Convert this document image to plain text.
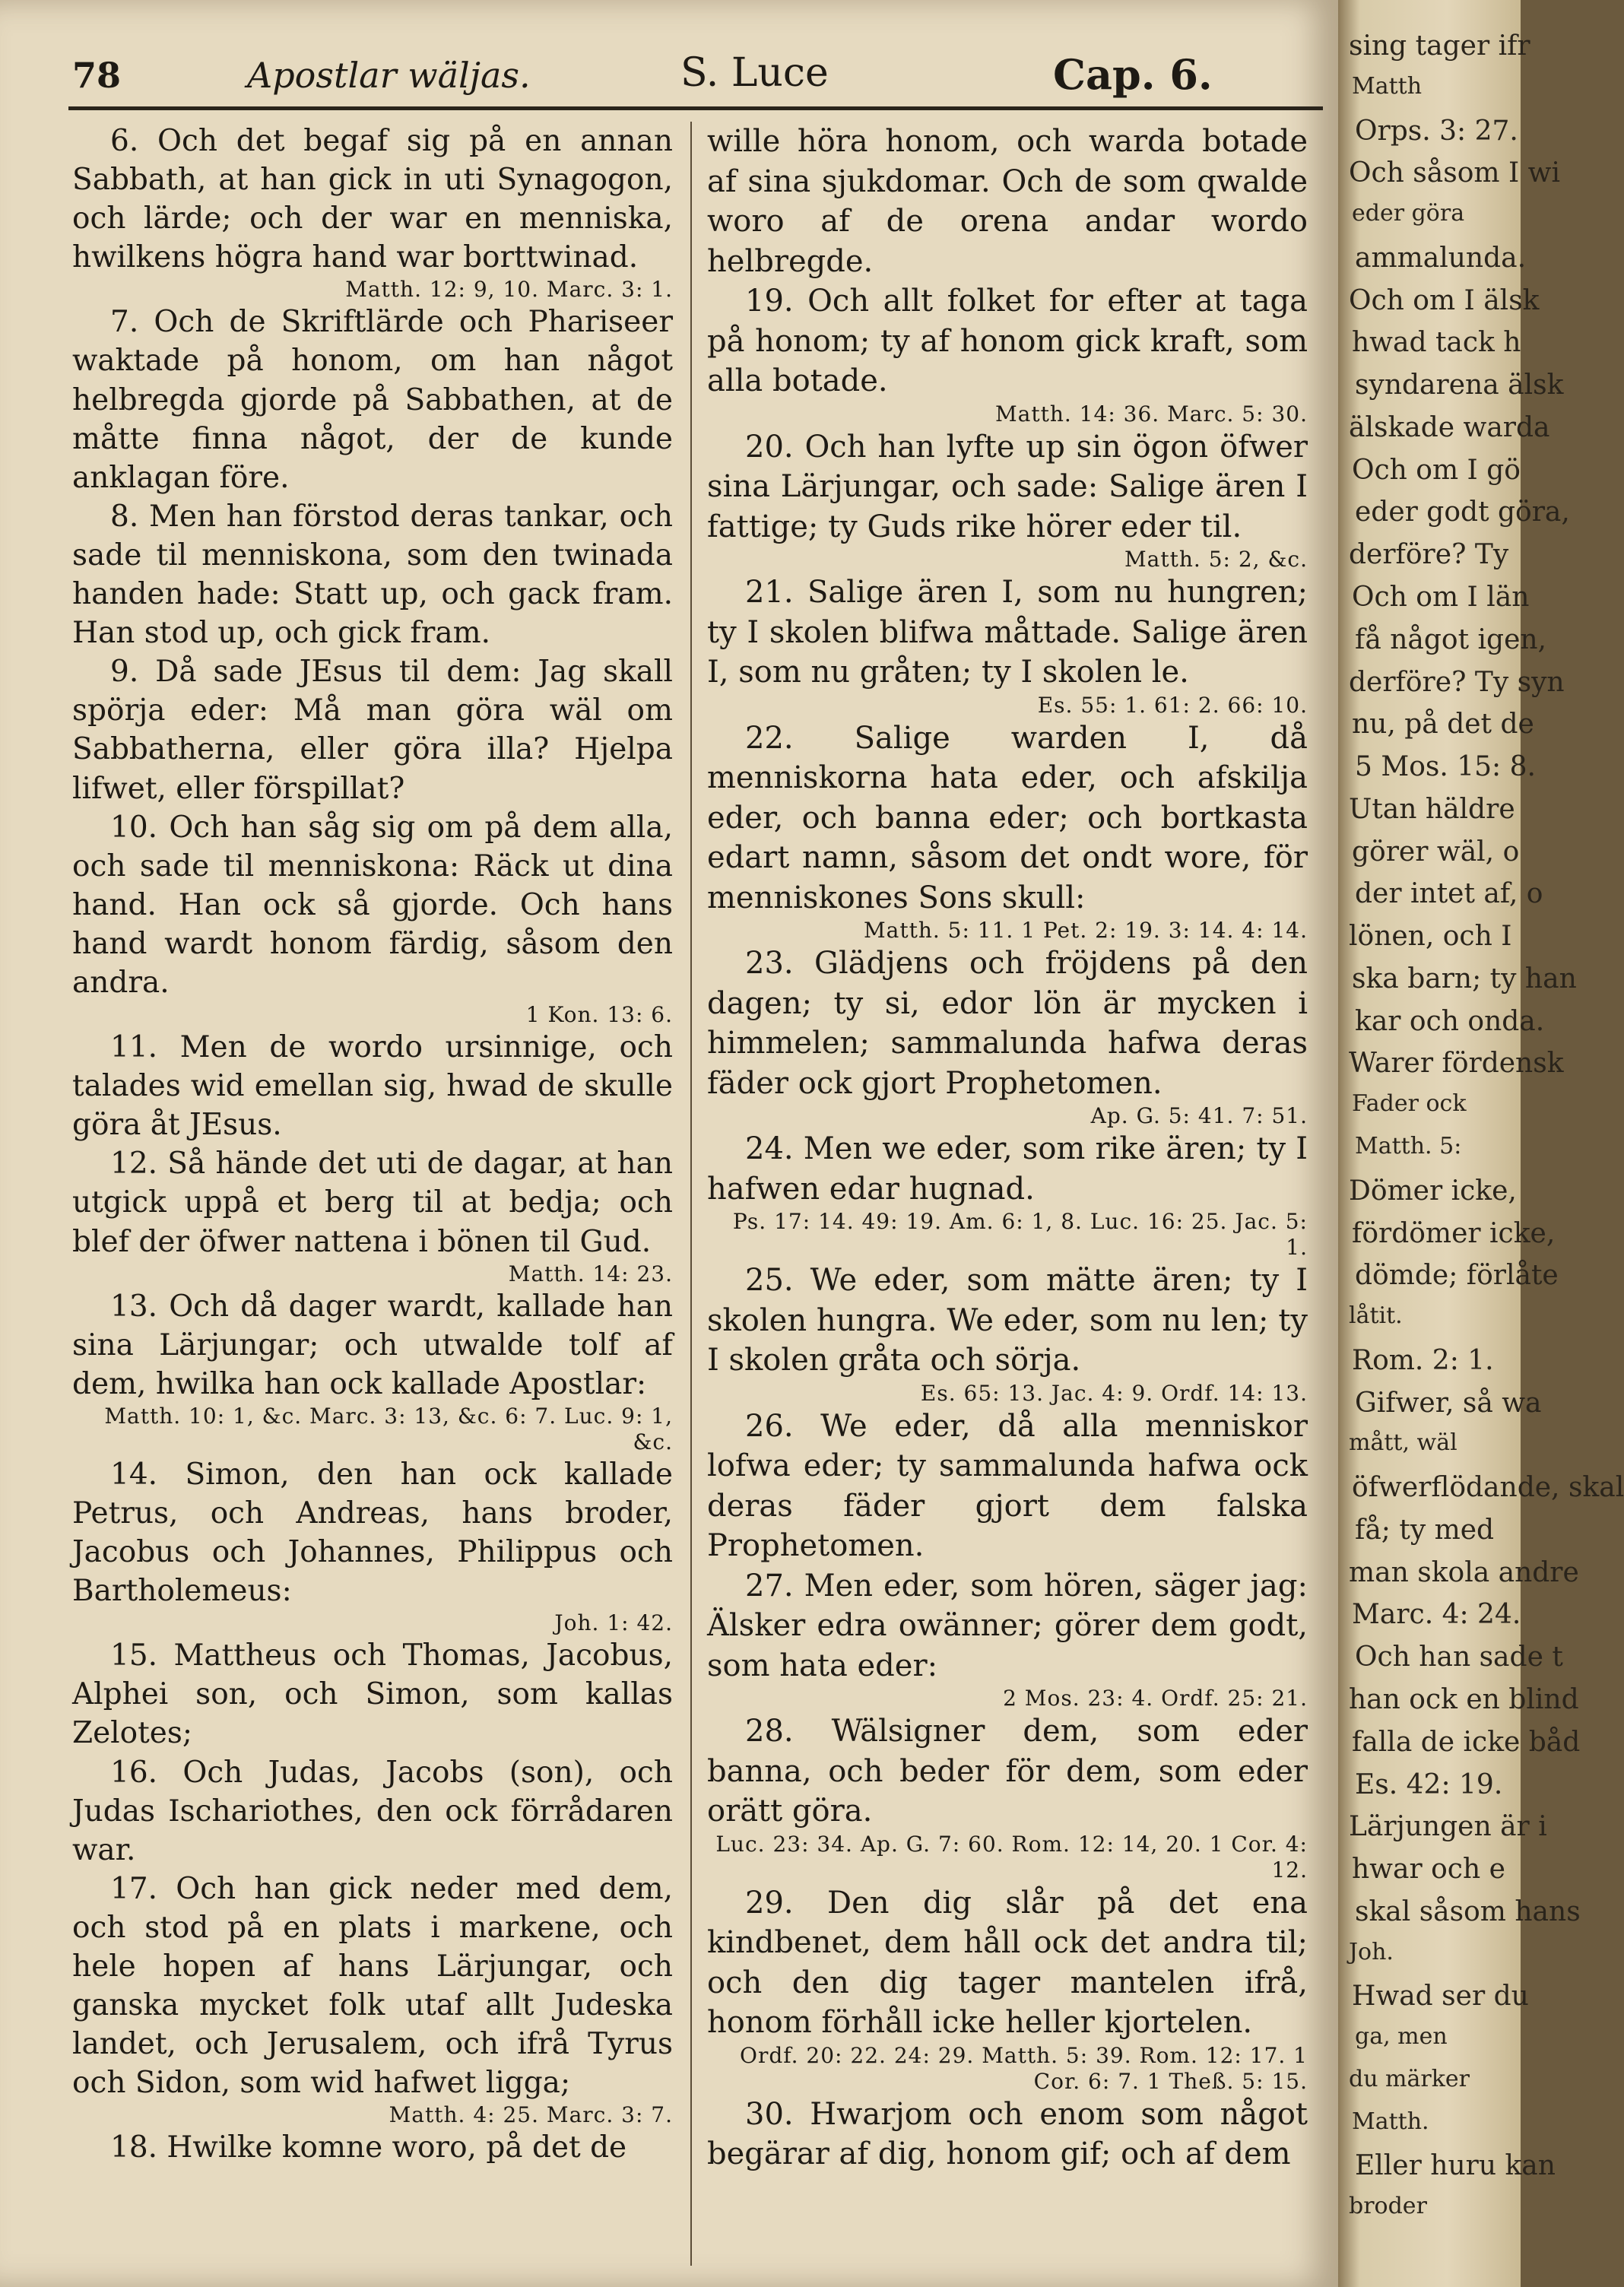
78	Apostlar wäljas.	S. Luce	Cap. 6.

6. Och det begaf sig på en annan Sabbath, at han gick in uti Synagogon, och lärde; och der war en menniska, hwilkens högra hand war borttwinad.

Matth. 12: 9, 10. Marc. 3: 1.

7. Och de Skriftlärde och Phariseer waktade på honom, om han något helbregda gjorde på Sabbathen, at de måtte finna något, der de kunde anklagan före.

8. Men han förstod deras tankar, och sade til menniskona, som den twinada handen hade: Statt up, och gack fram. Han stod up, och gick fram.

9. Då sade JEsus til dem: Jag skall spörja eder: Må man göra wäl om Sabbatherna, eller göra illa? Hjelpa lifwet, eller förspillat?

10. Och han såg sig om på dem alla, och sade til menniskona: Räck ut dina hand. Han ock så gjorde. Och hans hand wardt honom färdig, såsom den andra.

1 Kon. 13: 6.

11. Men de wordo ursinnige, och talades wid emellan sig, hwad de skulle göra åt JEsus.

12. Så hände det uti de dagar, at han utgick uppå et berg til at bedja; och blef der öfwer nattena i bönen til Gud.

Matth. 14: 23.

13. Och då dager wardt, kallade han sina Lärjungar; och utwalde tolf af dem, hwilka han ock kallade Apostlar:

Matth. 10: 1, &c. Marc. 3: 13, &c. 6: 7. Luc. 9: 1, &c.

14. Simon, den han ock kallade Petrus, och Andreas, hans broder, Jacobus och Johannes, Philippus och Bartholemeus:

Joh. 1: 42.

15. Mattheus och Thomas, Jacobus, Alphei son, och Simon, som kallas Zelotes;

16. Och Judas, Jacobs (son), och Judas Ischariothes, den ock förrådaren war.

17. Och han gick neder med dem, och stod på en plats i markene, och hele hopen af hans Lärjungar, och ganska mycket folk utaf allt Judeska landet, och Jerusalem, och ifrå Tyrus och Sidon, som wid hafwet ligga;

Matth. 4: 25. Marc. 3: 7.

18. Hwilke komne woro, på det de

wille höra honom, och warda botade af sina sjukdomar. Och de som qwalde woro af de orena andar wordo helbregde.

19. Och allt folket for efter at taga på honom; ty af honom gick kraft, som alla botade.

Matth. 14: 36. Marc. 5: 30.

20. Och han lyfte up sin ögon öfwer sina Lärjungar, och sade: Salige ären I fattige; ty Guds rike hörer eder til.

Matth. 5: 2, &c.

21. Salige ären I, som nu hungren; ty I skolen blifwa måttade. Salige ären I, som nu gråten; ty I skolen le.

Es. 55: 1. 61: 2. 66: 10.

22. Salige warden I, då menniskorna hata eder, och afskilja eder, och banna eder; och bortkasta edart namn, såsom det ondt wore, för menniskones Sons skull:

Matth. 5: 11. 1 Pet. 2: 19. 3: 14. 4: 14.

23. Glädjens och fröjdens på den dagen; ty si, edor lön är mycken i himmelen; sammalunda hafwa deras fäder ock gjort Prophetomen.

Ap. G. 5: 41. 7: 51.

24. Men we eder, som rike ären; ty I hafwen edar hugnad.

Ps. 17: 14. 49: 19. Am. 6: 1, 8. Luc. 16: 25. Jac. 5: 1.

25. We eder, som mätte ären; ty I skolen hungra. We eder, som nu len; ty I skolen gråta och sörja.

Es. 65: 13. Jac. 4: 9. Ordf. 14: 13.

26. We eder, då alla menniskor lofwa eder; ty sammalunda hafwa ock deras fäder gjort dem falska Prophetomen.

27. Men eder, som hören, säger jag: Älsker edra owänner; görer dem godt, som hata eder:

2 Mos. 23: 4. Ordf. 25: 21.

28. Wälsigner dem, som eder banna, och beder för dem, som eder orätt göra.

Luc. 23: 34. Ap. G. 7: 60. Rom. 12: 14, 20. 1 Cor. 4: 12.

29. Den dig slår på det ena kindbenet, dem håll ock det andra til; och den dig tager mantelen ifrå, honom förhåll icke heller kjortelen.

Ordf. 20: 22. 24: 29. Matth. 5: 39. Rom. 12: 17. 1 Cor. 6: 7. 1 Theß. 5: 15.

30. Hwarjom och enom som något begärar af dig, honom gif; och af dem

sing tager ifr
Matth
Orps. 3: 27.
Och såsom I wi
eder göra
ammalunda.
Och om I älsk
hwad tack h
syndarena älsk
älskade warda
Och om I gö
eder godt göra,
derföre? Ty
Och om I län
få något igen,
derföre? Ty syn
nu, på det de
5 Mos. 15: 8.
Utan häldre
görer wäl, o
der intet af, o
lönen, och I
ska barn; ty han
kar och onda.
Warer fördensk
Fader ock
Matth. 5:
Dömer icke,
fördömer icke,
dömde; förlåte
låtit.
Rom. 2: 1.
Gifwer, så wa
mått, wäl
öfwerflödande, skal
få; ty med
man skola andre
Marc. 4: 24.
Och han sade t
han ock en blind
falla de icke båd
Es. 42: 19.
Lärjungen är i
hwar och e
skal såsom hans
Joh.
Hwad ser du
ga, men
du märker
Matth.
Eller huru kan
broder
